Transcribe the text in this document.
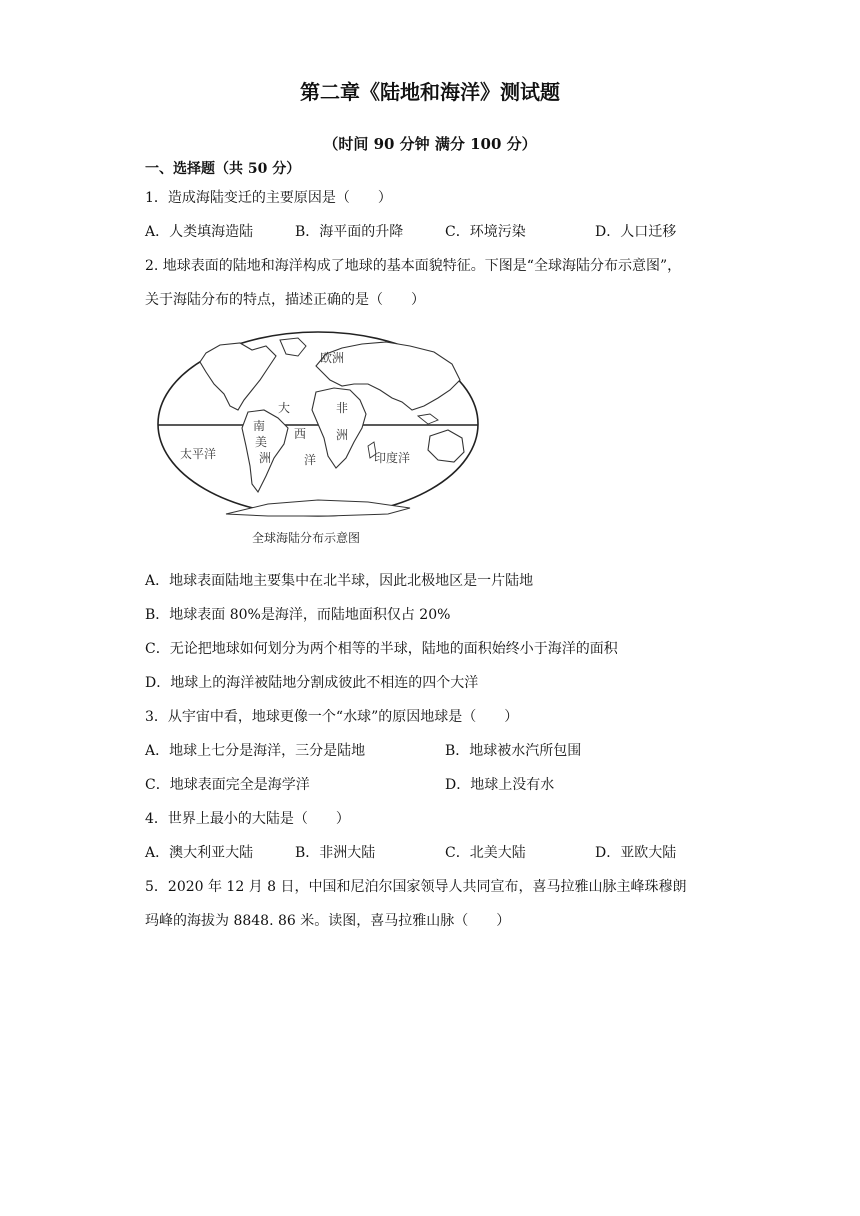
第二章《陆地和海洋》测试题
（时间 90 分钟 满分 100 分）
一、选择题（共 50 分）
1．造成海陆变迁的主要原因是（　　）
A．人类填海造陆	B．海平面的升降	C．环境污染	D．人口迁移
2. 地球表面的陆地和海洋构成了地球的基本面貌特征。下图是“全球海陆分布示意图”，
关于海陆分布的特点，描述正确的是（　　）
欧洲
非
洲
大
西
洋
南
美
洲
太平洋	印度洋
全球海陆分布示意图
A．地球表面陆地主要集中在北半球，因此北极地区是一片陆地
B．地球表面 80%是海洋，而陆地面积仅占 20%
C．无论把地球如何划分为两个相等的半球，陆地的面积始终小于海洋的面积
D．地球上的海洋被陆地分割成彼此不相连的四个大洋
3．从宇宙中看，地球更像一个“水球”的原因地球是（　　）
A．地球上七分是海洋，三分是陆地	B．地球被水汽所包围
C．地球表面完全是海学洋	D．地球上没有水
4．世界上最小的大陆是（　　）
A．澳大利亚大陆	B．非洲大陆	C．北美大陆	D．亚欧大陆
5．2020 年 12 月 8 日，中国和尼泊尔国家领导人共同宣布，喜马拉雅山脉主峰珠穆朗
玛峰的海拔为 8848. 86 米。读图，喜马拉雅山脉（　　）
